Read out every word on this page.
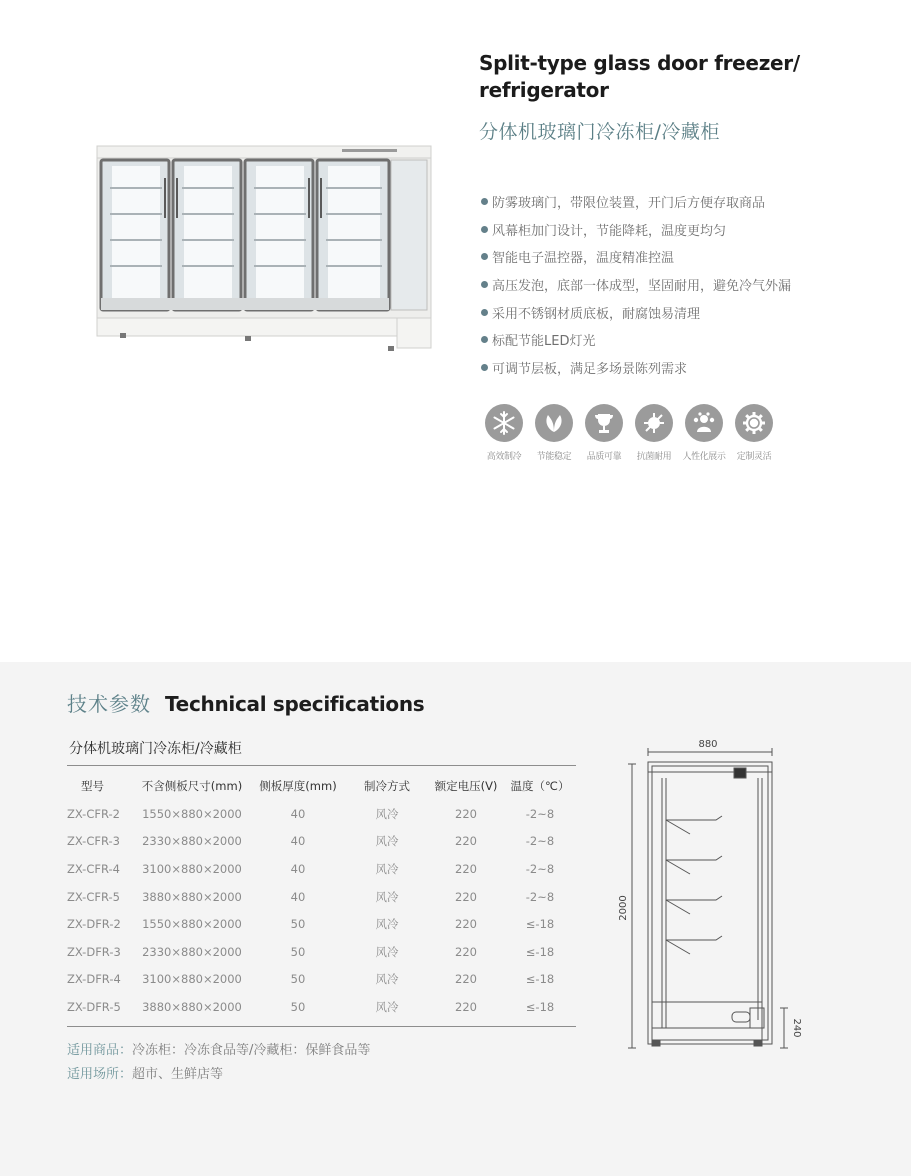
Split-type glass door freezer/ refrigerator
分体机玻璃门冷冻柜/冷藏柜
防雾玻璃门，带限位装置，开门后方便存取商品
风幕柜加门设计，节能降耗，温度更均匀
智能电子温控器，温度精准控温
高压发泡，底部一体成型，坚固耐用，避免冷气外漏
采用不锈钢材质底板，耐腐蚀易清理
标配节能LED灯光
可调节层板，满足多场景陈列需求
高效制冷 节能稳定 品质可靠 抗菌耐用 人性化展示 定制灵活
技术参数 Technical specifications
分体机玻璃门冷冻柜/冷藏柜
型号	不含侧板尺寸(mm)	侧板厚度(mm)	制冷方式	额定电压(V)	温度（℃）
ZX-CFR-2	1550×880×2000	40	风冷	220	-2~8
ZX-CFR-3	2330×880×2000	40	风冷	220	-2~8
ZX-CFR-4	3100×880×2000	40	风冷	220	-2~8
ZX-CFR-5	3880×880×2000	40	风冷	220	-2~8
ZX-DFR-2	1550×880×2000	50	风冷	220	≤-18
ZX-DFR-3	2330×880×2000	50	风冷	220	≤-18
ZX-DFR-4	3100×880×2000	50	风冷	220	≤-18
ZX-DFR-5	3880×880×2000	50	风冷	220	≤-18
适用商品：冷冻柜：冷冻食品等/冷藏柜：保鲜食品等
适用场所：超市、生鲜店等
880
2000
240
